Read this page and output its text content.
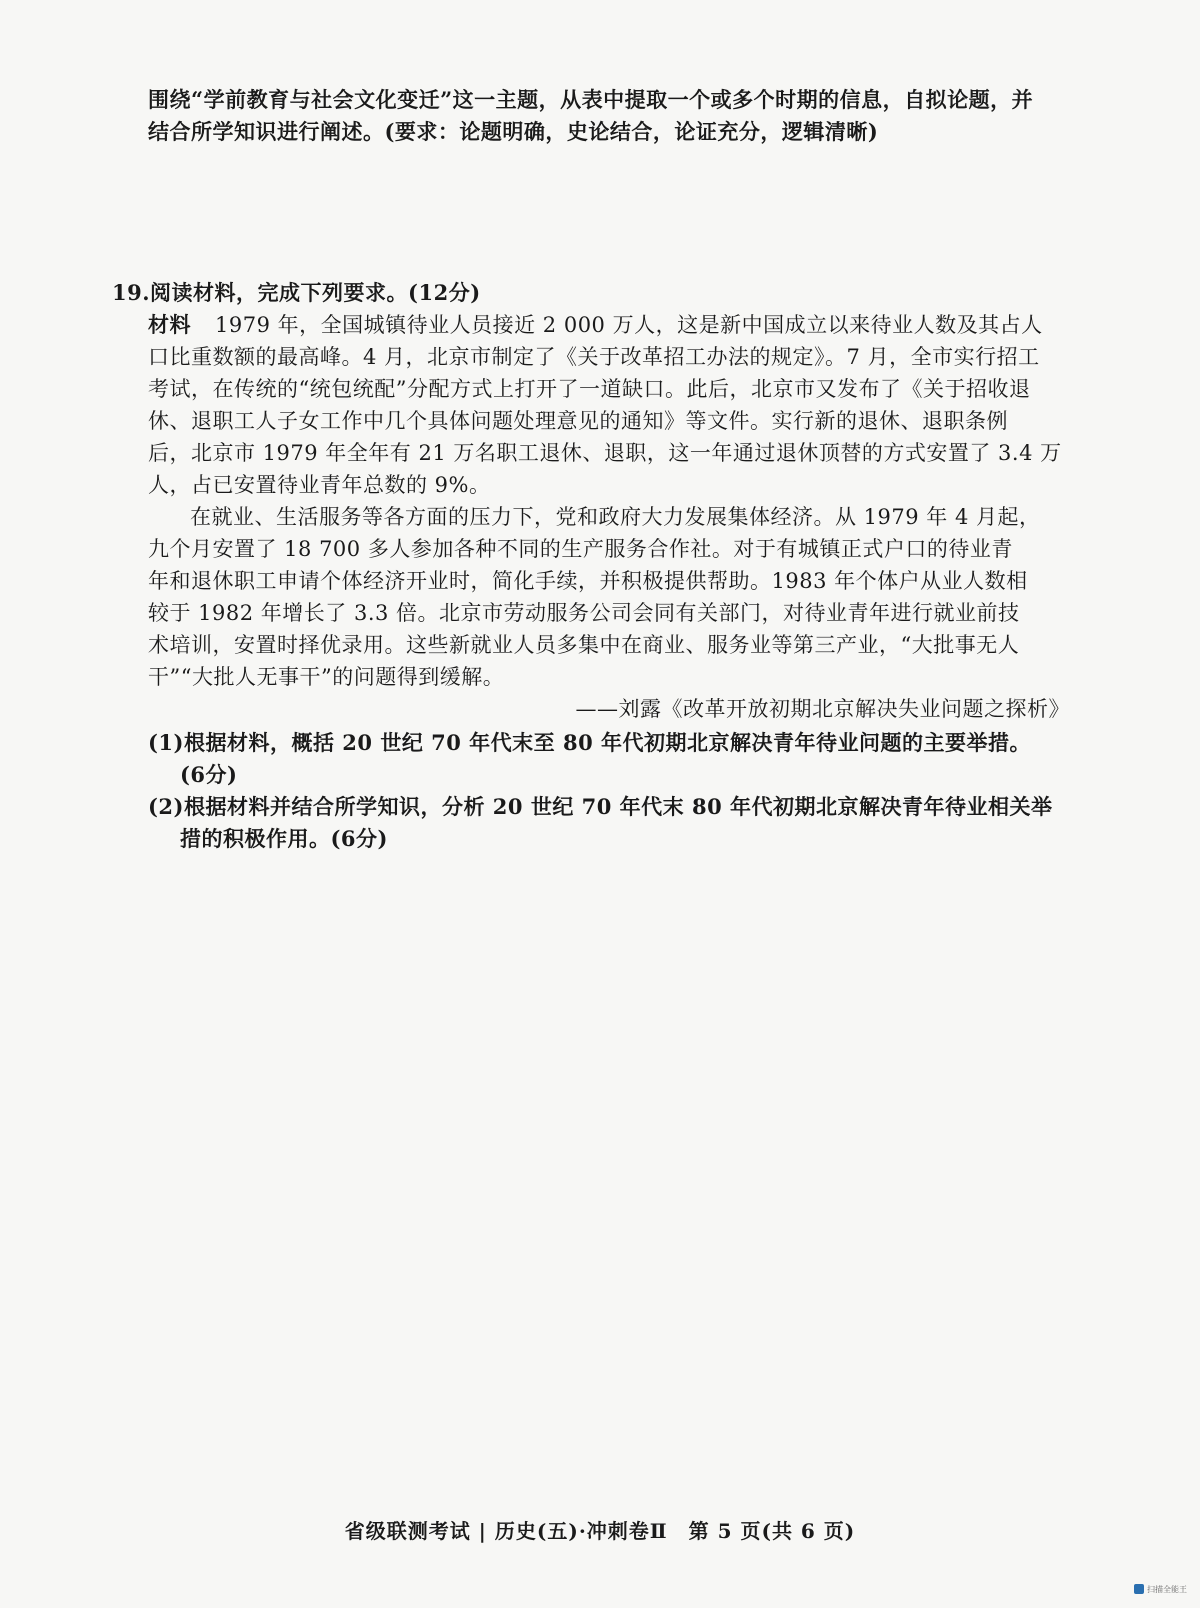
围绕“学前教育与社会文化变迁”这一主题，从表中提取一个或多个时期的信息，自拟论题，并
结合所学知识进行阐述。(要求：论题明确，史论结合，论证充分，逻辑清晰)
19.阅读材料，完成下列要求。(12分)
材料 1979 年，全国城镇待业人员接近 2 000 万人，这是新中国成立以来待业人数及其占人
口比重数额的最高峰。4 月，北京市制定了《关于改革招工办法的规定》。7 月，全市实行招工
考试，在传统的“统包统配”分配方式上打开了一道缺口。此后，北京市又发布了《关于招收退
休、退职工人子女工作中几个具体问题处理意见的通知》等文件。实行新的退休、退职条例
后，北京市 1979 年全年有 21 万名职工退休、退职，这一年通过退休顶替的方式安置了 3.4 万
人，占已安置待业青年总数的 9%。
在就业、生活服务等各方面的压力下，党和政府大力发展集体经济。从 1979 年 4 月起，
九个月安置了 18 700 多人参加各种不同的生产服务合作社。对于有城镇正式户口的待业青
年和退休职工申请个体经济开业时，简化手续，并积极提供帮助。1983 年个体户从业人数相
较于 1982 年增长了 3.3 倍。北京市劳动服务公司会同有关部门，对待业青年进行就业前技
术培训，安置时择优录用。这些新就业人员多集中在商业、服务业等第三产业，“大批事无人
干”“大批人无事干”的问题得到缓解。
——刘露《改革开放初期北京解决失业问题之探析》
(1)根据材料，概括 20 世纪 70 年代末至 80 年代初期北京解决青年待业问题的主要举措。
(6分)
(2)根据材料并结合所学知识，分析 20 世纪 70 年代末 80 年代初期北京解决青年待业相关举
措的积极作用。(6分)
省级联测考试 | 历史(五)·冲刺卷Ⅱ　第 5 页(共 6 页)
扫描全能王
